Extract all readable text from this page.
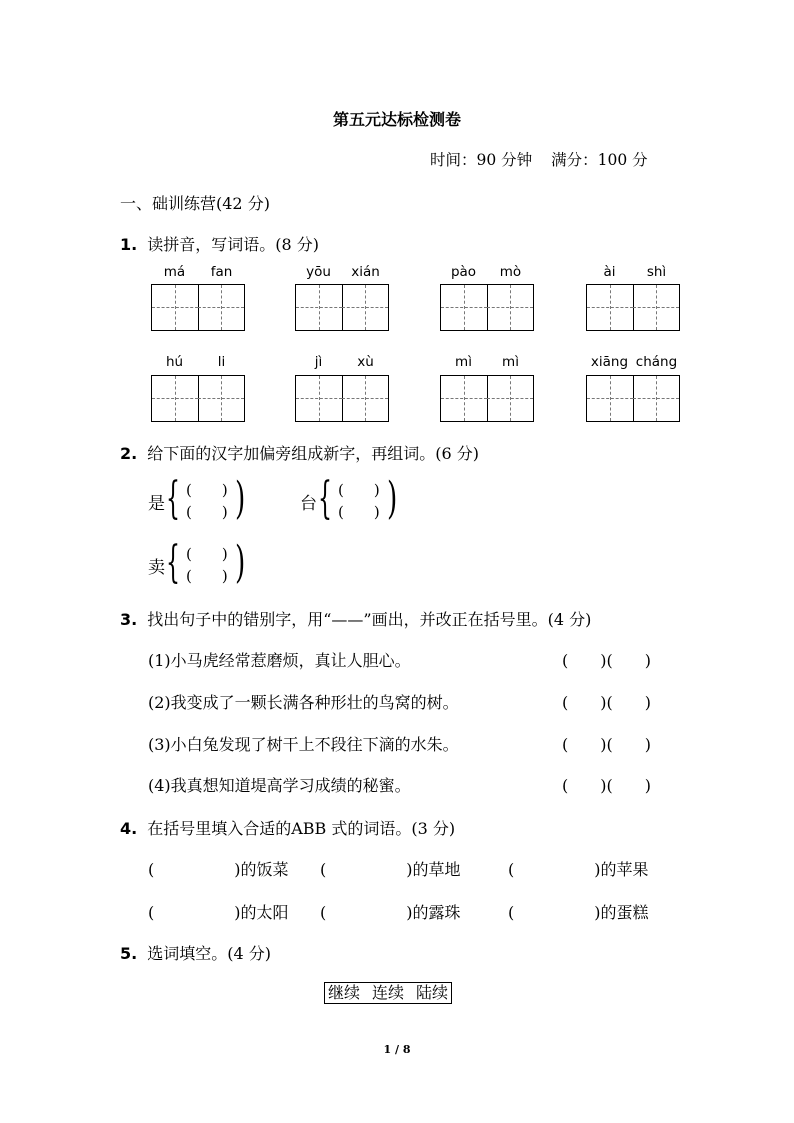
第五元达标检测卷
时间：90 分钟 满分：100 分
一、础训练营(42 分)
1. 读拼音，写词语。(8 分)
má	fan	yōu	xián	pào	mò	ài	shì
hú	li	jì	xù	mì	mì	xiāng cháng
2. 给下面的汉字加偏旁组成新字，再组词。(6 分)
是 { (　　)
(　　) )	台 { (　　)
(　　) )
卖 { (　　)
(　　) )
3. 找出句子中的错别字，用“——”画出，并改正在括号里。(4 分)
(1)小马虎经常惹磨烦，真让人胆心。	(　　)(　　)
(2)我变成了一颗长满各种形壮的鸟窝的树。	(　　)(　　)
(3)小白兔发现了树干上不段往下滴的水朱。	(　　)(　　)
(4)我真想知道堤高学习成绩的秘蜜。	(　　)(　　)
4. 在括号里填入合适的ABB 式的词语。(3 分)
(　　　　　)的饭菜 (　　　　　)的草地	(　　　　　)的苹果
(　　　　　)的太阳 (　　　　　)的露珠	(　　　　　)的蛋糕
5. 选词填空。(4 分)
继续 连续 陆续
1 / 8
